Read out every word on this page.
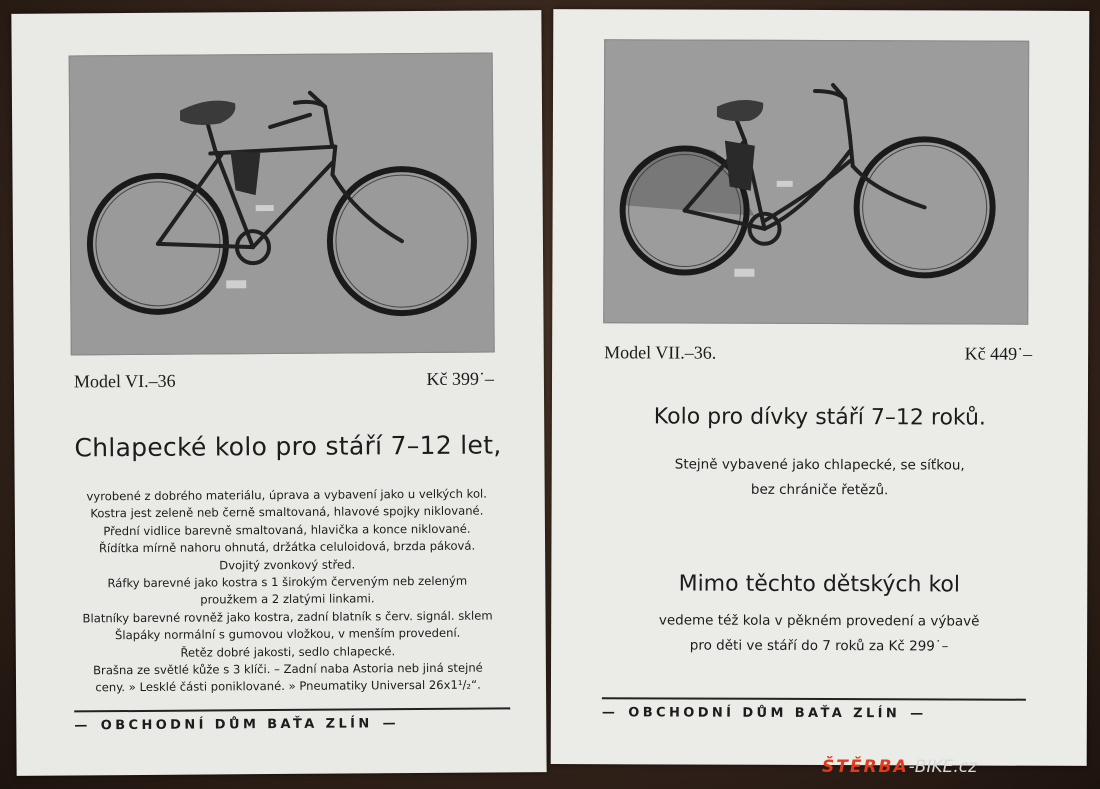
Model VI.–36	Kč 399˙–
Chlapecké kolo pro stáří 7–12 let,
vyrobené z dobrého materiálu, úprava a vybavení jako u velkých kol.
Kostra jest zeleně neb černě smaltovaná, hlavové spojky niklované.
Přední vidlice barevně smaltovaná, hlavička a konce niklované.
Řídítka mírně nahoru ohnutá, držátka celuloidová, brzda páková.
Dvojitý zvonkový střed.
Ráfky barevné jako kostra s 1 širokým červeným neb zeleným
proužkem a 2 zlatými linkami.
Blatníky barevné rovněž jako kostra, zadní blatník s červ. signál. sklem
Šlapáky normální s gumovou vložkou, v menším provedení.
Řetěz dobré jakosti, sedlo chlapecké.
Brašna ze světlé kůže s 3 klíči. – Zadní naba Astoria neb jiná stejné
ceny. » Lesklé části poniklované. » Pneumatiky Universal 26x1¹/₂“.
— OBCHODNÍ DŮM BAŤA ZLÍN —
Model VII.–36.	Kč 449˙–
Kolo pro dívky stáří 7–12 roků.
Stejně vybavené jako chlapecké, se síťkou,
bez chrániče řetězů.
Mimo těchto dětských kol
vedeme též kola v pěkném provedení a výbavě
pro děti ve stáří do 7 roků za Kč 299˙–
— OBCHODNÍ DŮM BAŤA ZLÍN —
ŠTĚRBA-BIKE.cz
